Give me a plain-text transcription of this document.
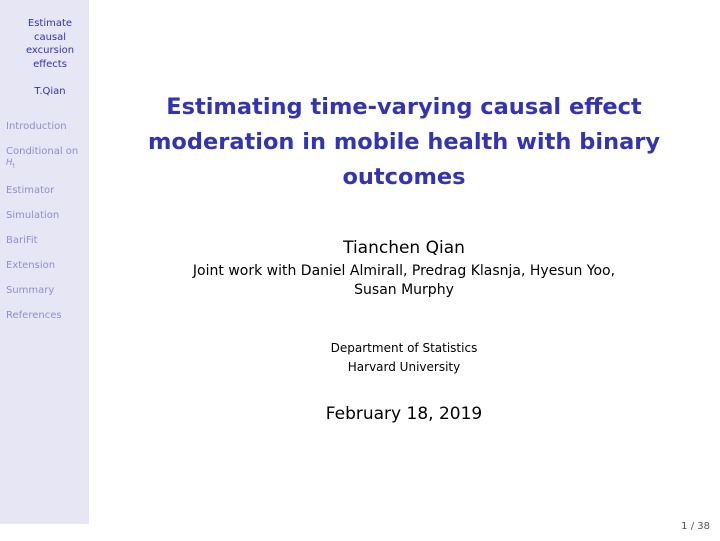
Estimate
causal
excursion
effects
T.Qian
Introduction
Conditional on
$H_t$
Estimator
Simulation
BariFit
Extension
Summary
References
Estimating time-varying causal effect
moderation in mobile health with binary
outcomes
Tianchen Qian
Joint work with Daniel Almirall, Predrag Klasnja, Hyesun Yoo,
Susan Murphy
Department of Statistics
Harvard University
February 18, 2019
1 / 38
